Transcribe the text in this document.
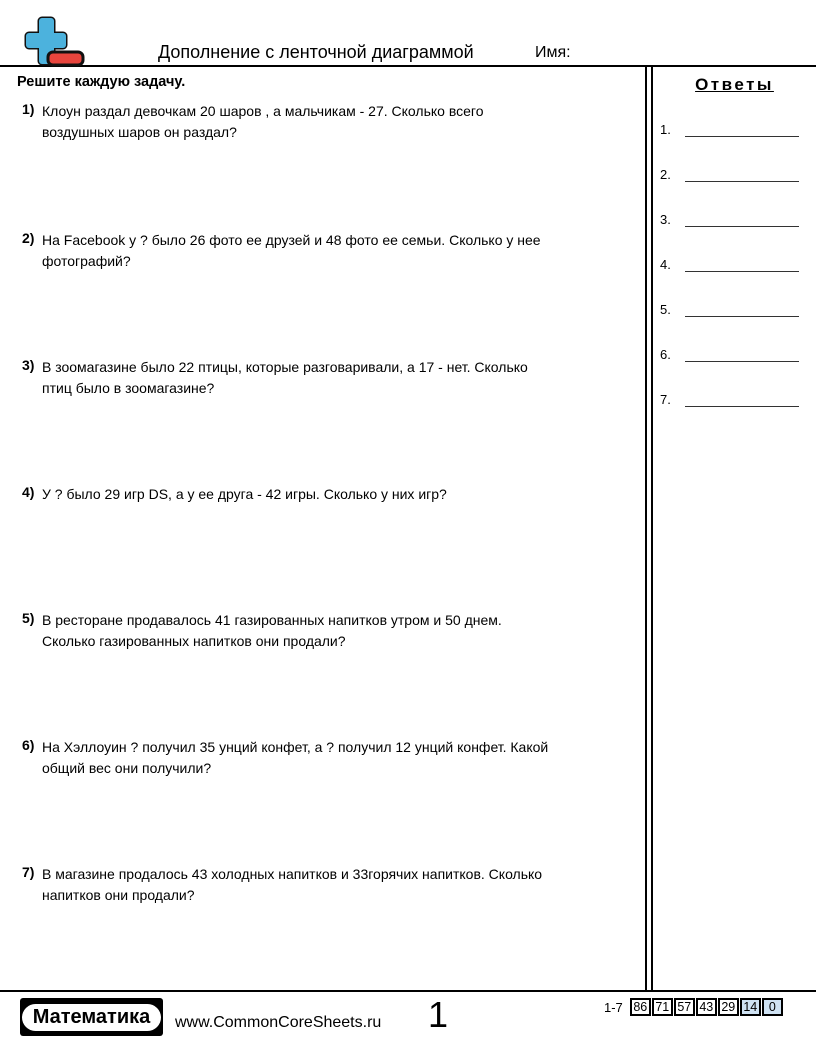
Дополнение с ленточной диаграммой	Имя:
Решите каждую задачу.
1) Клоун раздал девочкам 20 шаров , а мальчикам - 27. Сколько всего
воздушных шаров он раздал?
2) На Facebook у ? было 26 фото ее друзей и 48 фото ее семьи. Сколько у нее
фотографий?
3) В зоомагазине было 22 птицы, которые разговаривали, а 17 - нет. Сколько
птиц было в зоомагазине?
4) У ? было 29 игр DS, а у ее друга - 42 игры. Сколько у них игр?
5) В ресторане продавалось 41 газированных напитков утром и 50 днем.
Сколько газированных напитков они продали?
6) На Хэллоуин ? получил 35 унций конфет, а ? получил 12 унций конфет. Какой
общий вес они получили?
7) В магазине продалось 43 холодных напитков и 33горячих напитков. Сколько
напитков они продали?
Ответы
1.
2.
3.
4.
5.
6.
7.
Математика	www.CommonCoreSheets.ru 1	1-7 86 71 57 43 29 14 0
